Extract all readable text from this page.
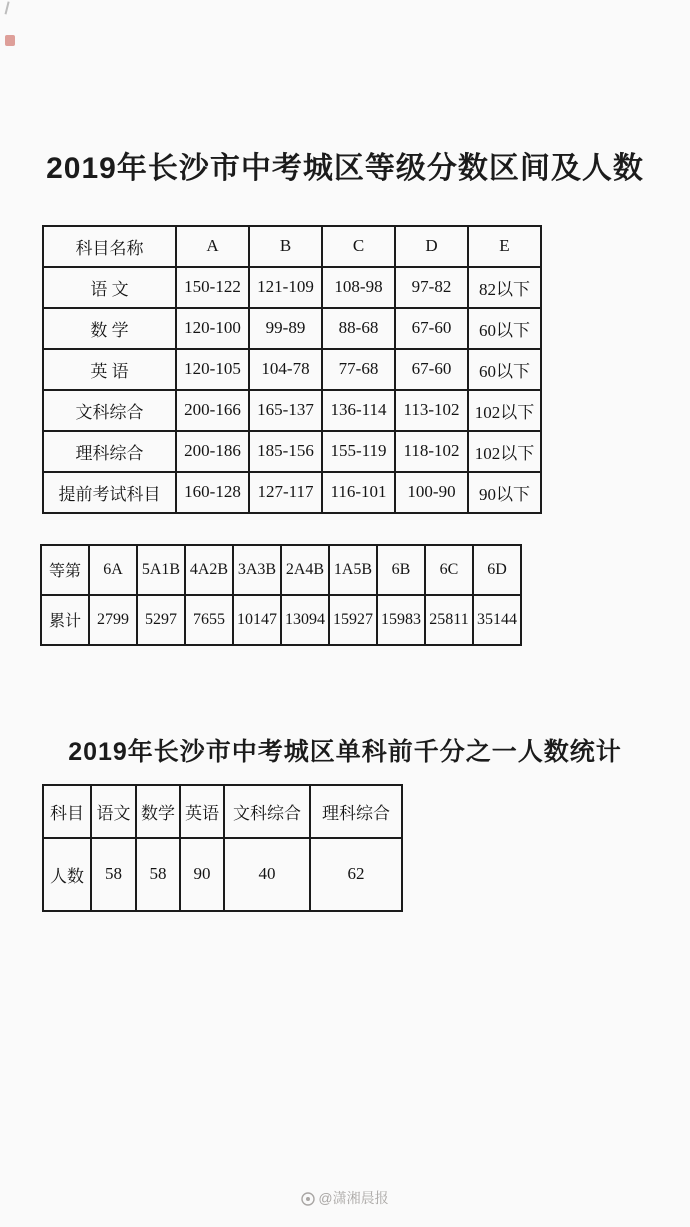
2019年长沙市中考城区等级分数区间及人数
科目名称	A	B	C	D	E
语 文	150-122	121-109	108-98	97-82	82以下
数 学	120-100	99-89	88-68	67-60	60以下
英 语	120-105	104-78	77-68	67-60	60以下
文科综合	200-166	165-137	136-114	113-102	102以下
理科综合	200-186	185-156	155-119	118-102	102以下
提前考试科目	160-128	127-117	116-101	100-90	90以下
等第	6A	5A1B	4A2B	3A3B	2A4B	1A5B	6B	6C	6D
累计	2799	5297	7655	10147	13094	15927	15983	25811	35144
2019年长沙市中考城区单科前千分之一人数统计
科目	语文	数学	英语	文科综合	理科综合
人数	58	58	90	40	62
@潇湘晨报
